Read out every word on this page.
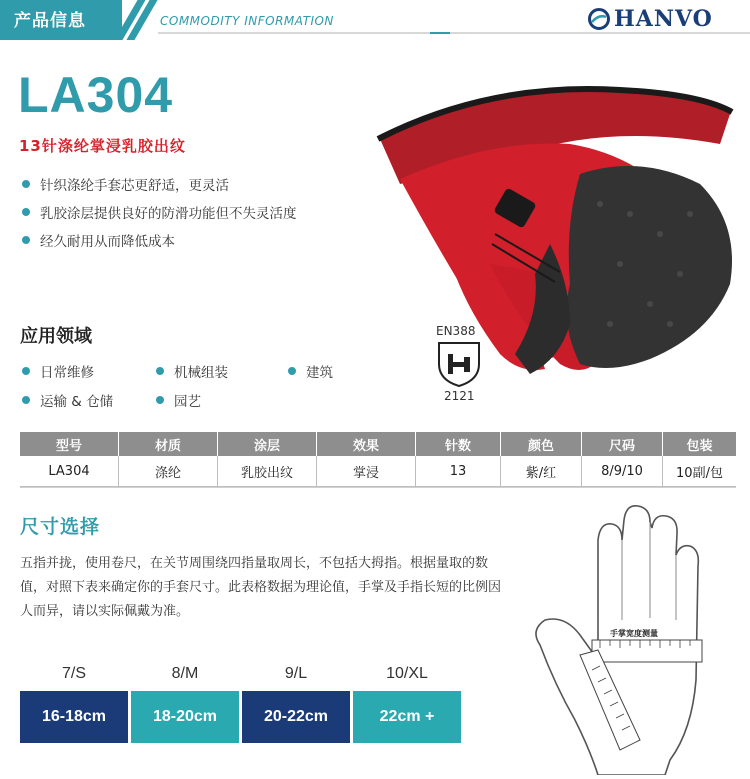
产品信息	COMMODITY INFORMATION	HANVO
LA304
13针涤纶掌浸乳胶出纹
针织涤纶手套芯更舒适，更灵活
乳胶涂层提供良好的防滑功能但不失灵活度
经久耐用从而降低成本
应用领域
日常维修	机械组装	建筑
运输 & 仓储	园艺
EN388
2121
型号	材质	涂层	效果	针数	颜色	尺码	包装
LA304	涤纶	乳胶出纹	掌浸	13	紫/红	8/9/10	10副/包
尺寸选择
五指并拢，使用卷尺，在关节周围绕四指量取周长，不包括大拇指。根据量取的数值，对照下表来确定你的手套尺寸。此表格数据为理论值，手掌及手指长短的比例因人而异，请以实际佩戴为准。
7/S	8/M	9/L	10/XL
16-18cm	18-20cm	20-22cm	22cm +
手掌宽度测量
